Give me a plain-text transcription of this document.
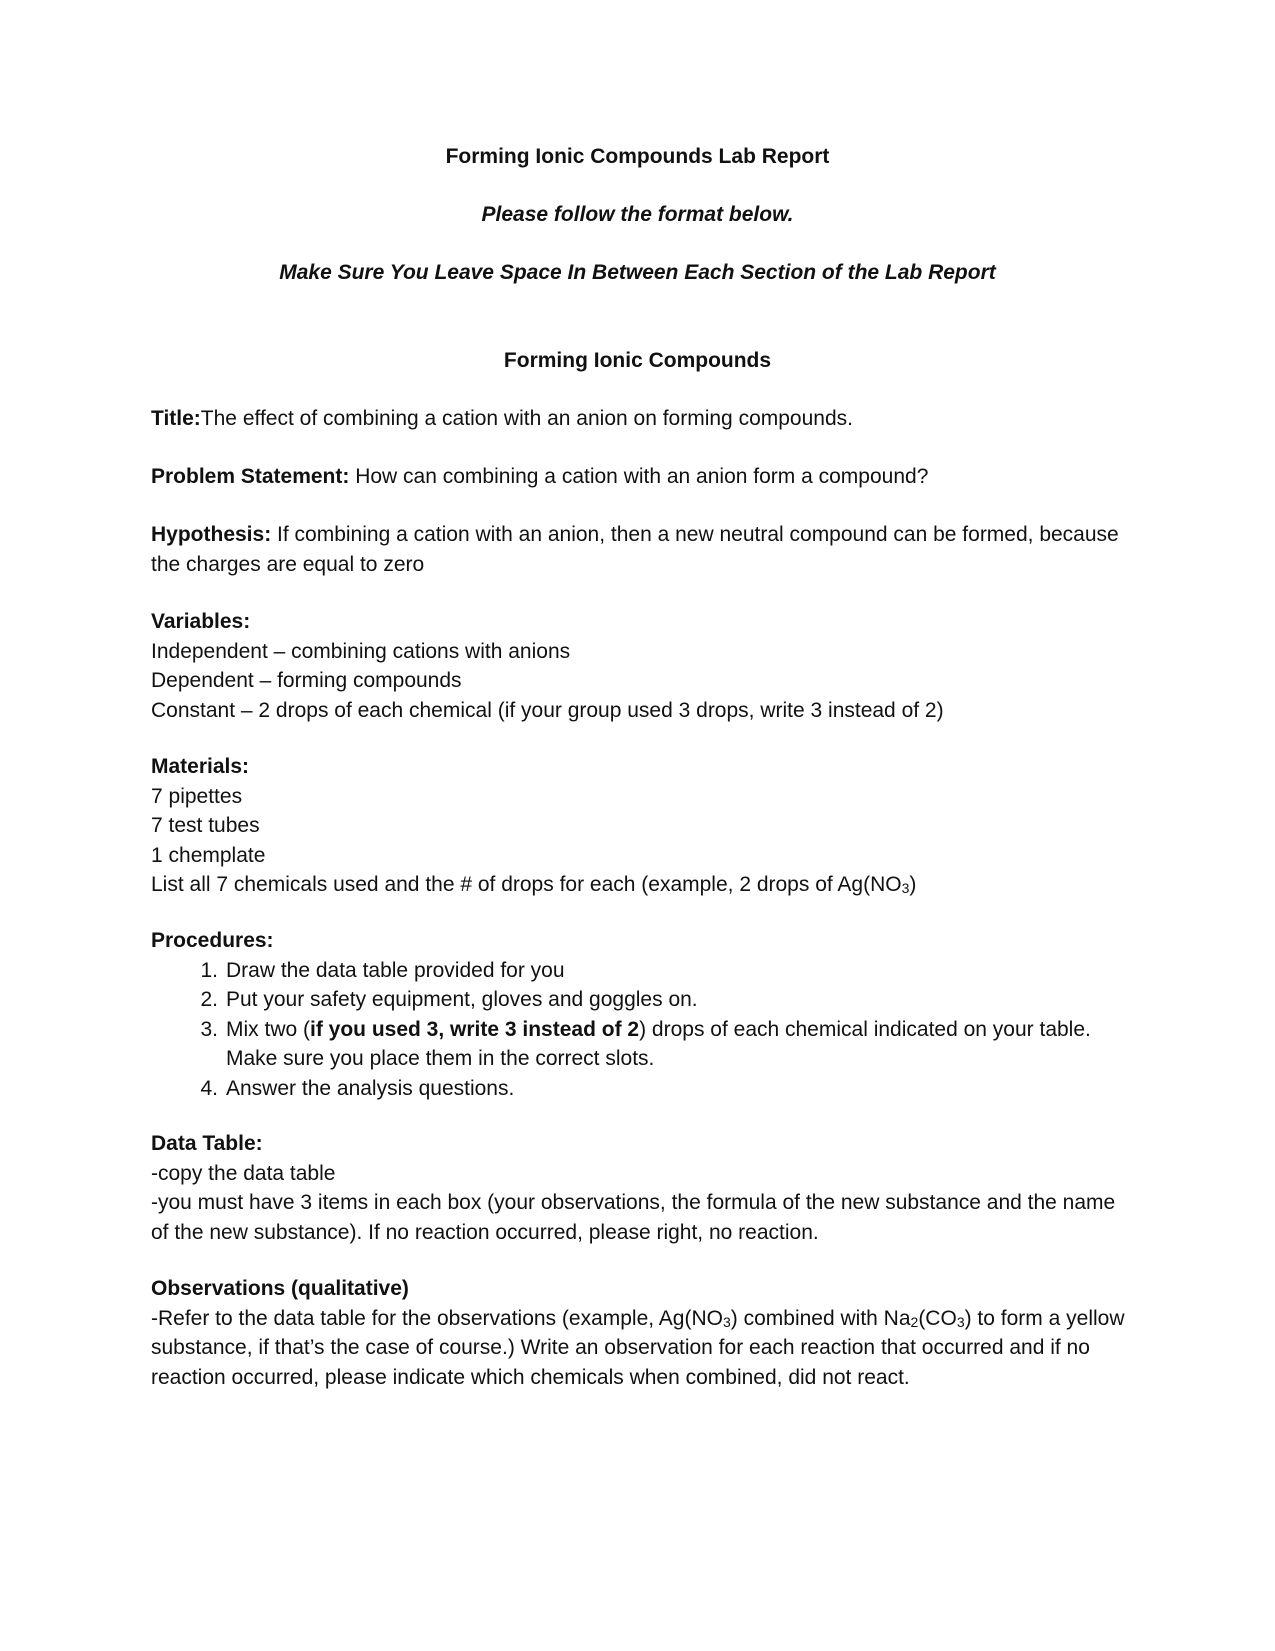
Forming Ionic Compounds Lab Report
Please follow the format below.
Make Sure You Leave Space In Between Each Section of the Lab Report
Forming Ionic Compounds
Title:The effect of combining a cation with an anion on forming compounds.
Problem Statement: How can combining a cation with an anion form a compound?
Hypothesis: If combining a cation with an anion, then a new neutral compound can be formed, because the charges are equal to zero
Variables:
Independent – combining cations with anions
Dependent – forming compounds
Constant – 2 drops of each chemical (if your group used 3 drops, write 3 instead of 2)
Materials:
7 pipettes
7 test tubes
1 chemplate
List all 7 chemicals used and the # of drops for each (example, 2 drops of $Ag(NO_3)$
Procedures:
1. Draw the data table provided for you
2. Put your safety equipment, gloves and goggles on.
3. Mix two (if you used 3, write 3 instead of 2) drops of each chemical indicated on your table. Make sure you place them in the correct slots.
4. Answer the analysis questions.
Data Table:
-copy the data table
-you must have 3 items in each box (your observations, the formula of the new substance and the name of the new substance). If no reaction occurred, please right, no reaction.
Observations (qualitative)
-Refer to the data table for the observations (example, $Ag(NO_3)$ combined with $Na_2(CO_3)$ to form a yellow substance, if that’s the case of course.) Write an observation for each reaction that occurred and if no reaction occurred, please indicate which chemicals when combined, did not react.
